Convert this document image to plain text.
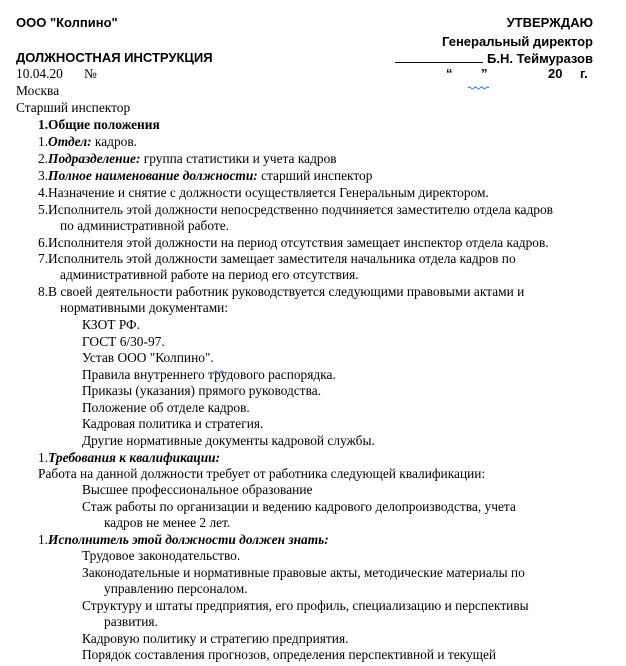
ООО "Колпино"	УТВЕРЖДАЮ
Генеральный директор
ДОЛЖНОСТНАЯ ИНСТРУКЦИЯ	Б.Н. Теймуразов
10.04.20 №	“ ”	20 г.
Москва
Старший инспектор
1.Общие положения
1.Отдел: кадров.
2.Подразделение: группа статистики и учета кадров
3.Полное наименование должности: старший инспектор
4.Назначение и снятие с должности осуществляется Генеральным директором.
5.Исполнитель этой должности непосредственно подчиняется заместителю отдела кадров
по административной работе.
6.Исполнителя этой должности на период отсутствия замещает инспектор отдела кадров.
7.Исполнитель этой должности замещает заместителя начальника отдела кадров по
административной работе на период его отсутствия.
8.В своей деятельности работник руководствуется следующими правовыми актами и
нормативными документами:
КЗОТ РФ.
ГОСТ 6/30-97.
Устав ООО "Колпино".
Правила внутреннего трудового распорядка.
Приказы (указания) прямого руководства.
Положение об отделе кадров.
Кадровая политика и стратегия.
Другие нормативные документы кадровой службы.
1.Требования к квалификации:
Работа на данной должности требует от работника следующей квалификации:
Высшее профессиональное образование
Стаж работы по организации и ведению кадрового делопроизводства, учета
кадров не менее 2 лет.
1.Исполнитель этой должности должен знать:
Трудовое законодательство.
Законодательные и нормативные правовые акты, методические материалы по
управлению персоналом.
Структуру и штаты предприятия, его профиль, специализацию и перспективы
развития.
Кадровую политику и стратегию предприятия.
Порядок составления прогнозов, определения перспективной и текущей
